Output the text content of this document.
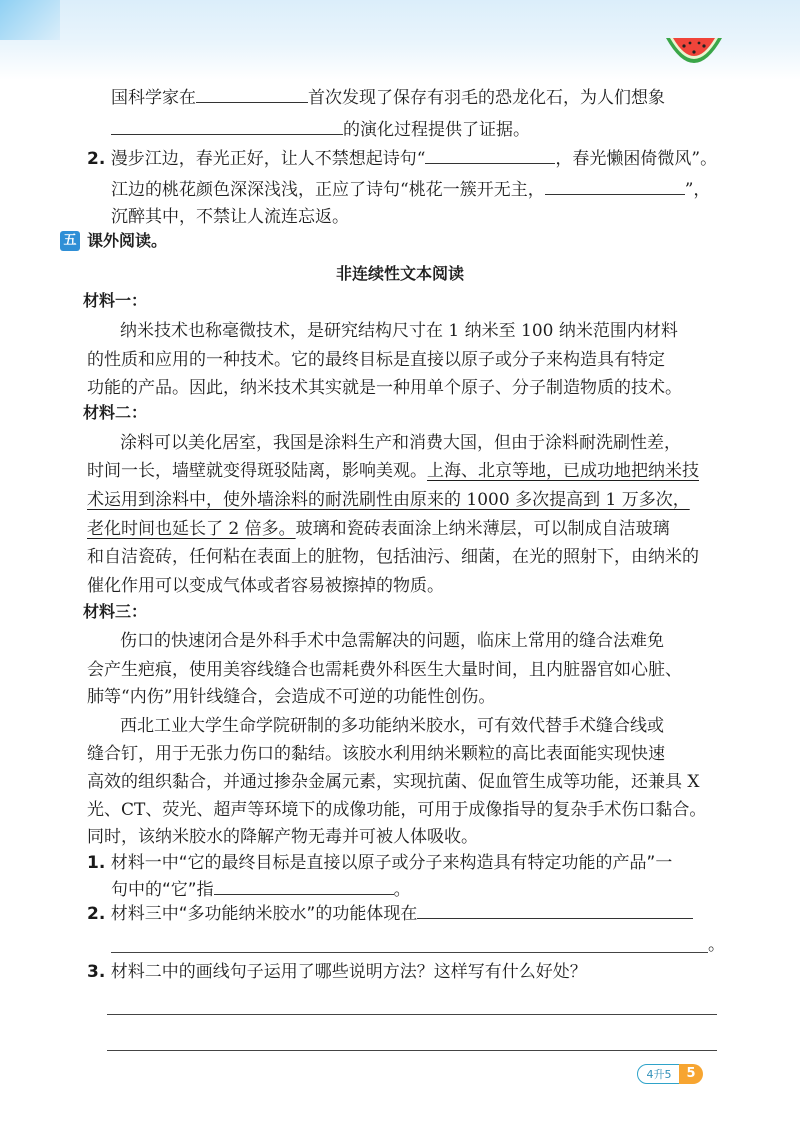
国科学家在	首次发现了保存有羽毛的恐龙化石，为人们想象
的演化过程提供了证据。
2. 漫步江边，春光正好，让人不禁想起诗句“	，春光懒困倚微风”。
江边的桃花颜色深深浅浅，正应了诗句“桃花一簇开无主，	”，
沉醉其中，不禁让人流连忘返。
五 课外阅读。
非连续性文本阅读
材料一：
纳米技术也称毫微技术，是研究结构尺寸在 1 纳米至 100 纳米范围内材料
的性质和应用的一种技术。它的最终目标是直接以原子或分子来构造具有特定
功能的产品。因此，纳米技术其实就是一种用单个原子、分子制造物质的技术。
材料二：
涂料可以美化居室，我国是涂料生产和消费大国，但由于涂料耐洗刷性差，
时间一长，墙壁就变得斑驳陆离，影响美观。上海、北京等地，已成功地把纳米技
术运用到涂料中，使外墙涂料的耐洗刷性由原来的 1000 多次提高到 1 万多次，
老化时间也延长了 2 倍多。玻璃和瓷砖表面涂上纳米薄层，可以制成自洁玻璃
和自洁瓷砖，任何粘在表面上的脏物，包括油污、细菌，在光的照射下，由纳米的
催化作用可以变成气体或者容易被擦掉的物质。
材料三：
伤口的快速闭合是外科手术中急需解决的问题，临床上常用的缝合法难免
会产生疤痕，使用美容线缝合也需耗费外科医生大量时间，且内脏器官如心脏、
肺等“内伤”用针线缝合，会造成不可逆的功能性创伤。
西北工业大学生命学院研制的多功能纳米胶水，可有效代替手术缝合线或
缝合钉，用于无张力伤口的黏结。该胶水利用纳米颗粒的高比表面能实现快速
高效的组织黏合，并通过掺杂金属元素，实现抗菌、促血管生成等功能，还兼具 X
光、CT、荧光、超声等环境下的成像功能，可用于成像指导的复杂手术伤口黏合。
同时，该纳米胶水的降解产物无毒并可被人体吸收。
1. 材料一中“它的最终目标是直接以原子或分子来构造具有特定功能的产品”一
句中的“它”指	。
2. 材料三中“多功能纳米胶水”的功能体现在
。
3. 材料二中的画线句子运用了哪些说明方法？这样写有什么好处？
4升5	5
